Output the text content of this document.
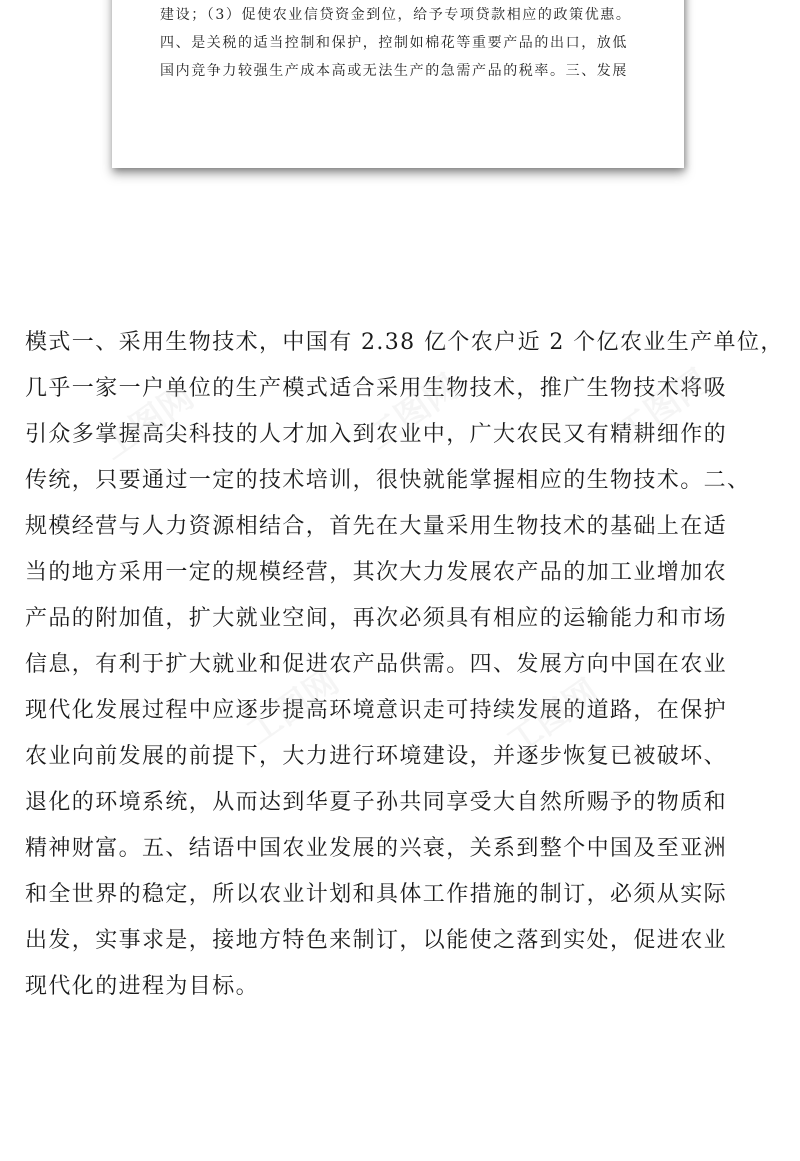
建设；（3）促使农业信贷资金到位，给予专项贷款相应的政策优惠。
四、是关税的适当控制和保护，控制如棉花等重要产品的出口，放低
国内竞争力较强生产成本高或无法生产的急需产品的税率。三、发展
模式一、采用生物技术，中国有 2.38 亿个农户近 2 个亿农业生产单位，
几乎一家一户单位的生产模式适合采用生物技术，推广生物技术将吸
引众多掌握高尖科技的人才加入到农业中，广大农民又有精耕细作的
传统，只要通过一定的技术培训，很快就能掌握相应的生物技术。二、
规模经营与人力资源相结合，首先在大量采用生物技术的基础上在适
当的地方采用一定的规模经营，其次大力发展农产品的加工业增加农
产品的附加值，扩大就业空间，再次必须具有相应的运输能力和市场
信息，有利于扩大就业和促进农产品供需。四、发展方向中国在农业
现代化发展过程中应逐步提高环境意识走可持续发展的道路，在保护
农业向前发展的前提下，大力进行环境建设，并逐步恢复已被破坏、
退化的环境系统，从而达到华夏子孙共同享受大自然所赐予的物质和
精神财富。五、结语中国农业发展的兴衰，关系到整个中国及至亚洲
和全世界的稳定，所以农业计划和具体工作措施的制订，必须从实际
出发，实事求是，接地方特色来制订，以能使之落到实处，促进农业
现代化的进程为目标。
工图网	工图网	工图网
工图网	工图网
